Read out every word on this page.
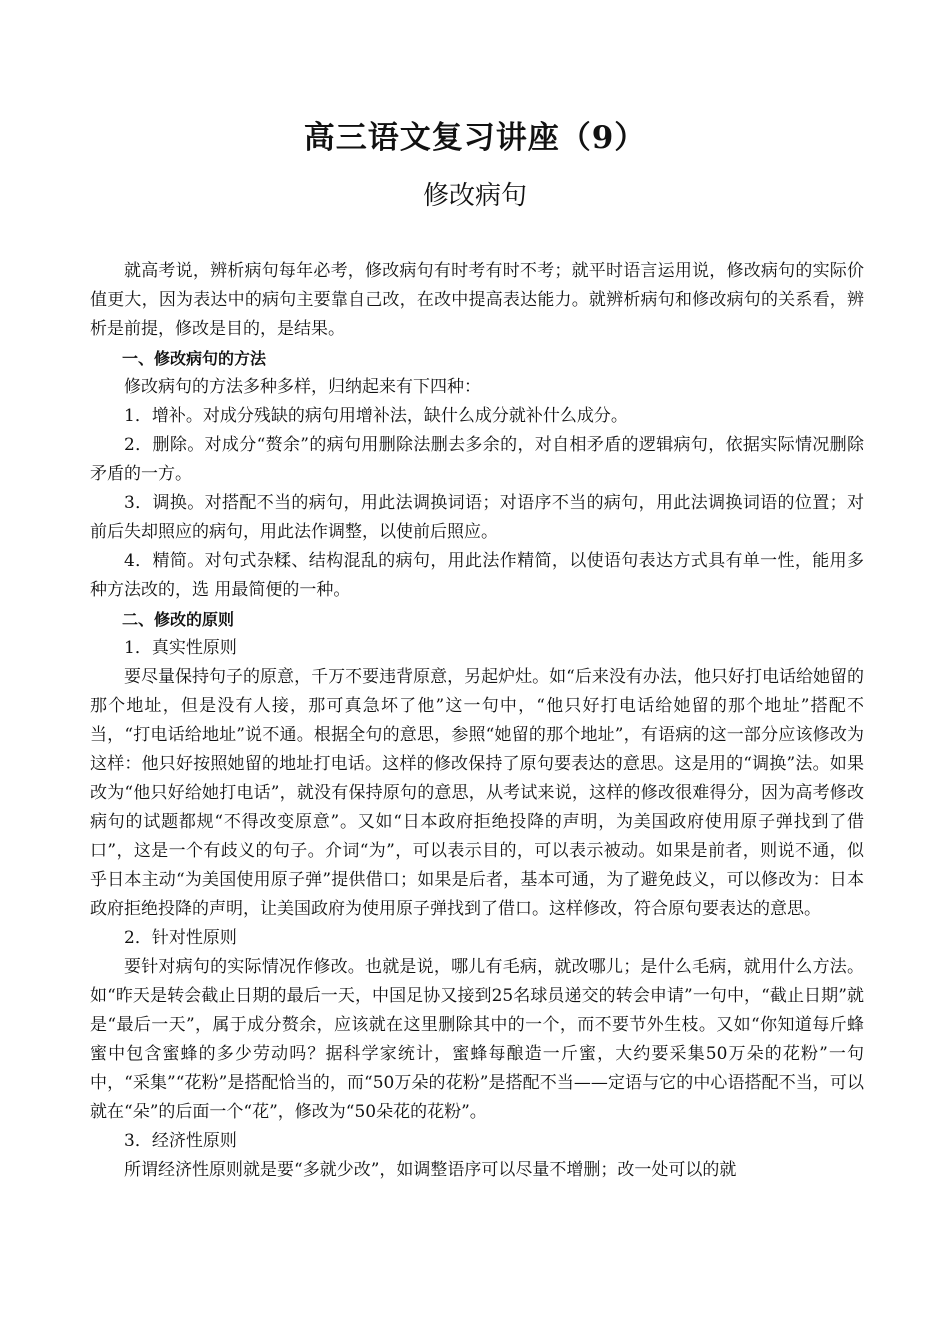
高三语文复习讲座（9）
修改病句

就高考说，辨析病句每年必考，修改病句有时考有时不考；就平时语言运用说，修改病句的实际价值更大，因为表达中的病句主要靠自己改，在改中提高表达能力。就辨析病句和修改病句的关系看，辨析是前提，修改是目的，是结果。

一、修改病句的方法

修改病句的方法多种多样，归纳起来有下四种：

1．增补。对成分残缺的病句用增补法，缺什么成分就补什么成分。

2．删除。对成分“赘余”的病句用删除法删去多余的，对自相矛盾的逻辑病句，依据实际情况删除矛盾的一方。

3．调换。对搭配不当的病句，用此法调换词语；对语序不当的病句，用此法调换词语的位置；对前后失却照应的病句，用此法作调整，以使前后照应。

4．精简。对句式杂糅、结构混乱的病句，用此法作精简，以使语句表达方式具有单一性，能用多种方法改的，选 用最简便的一种。

二、修改的原则

1．真实性原则

要尽量保持句子的原意，千万不要违背原意，另起炉灶。如“后来没有办法，他只好打电话给她留的那个地址，但是没有人接，那可真急坏了他”这一句中，“他只好打电话给她留的那个地址”搭配不当，“打电话给地址”说不通。根据全句的意思，参照“她留的那个地址”，有语病的这一部分应该修改为这样：他只好按照她留的地址打电话。这样的修改保持了原句要表达的意思。这是用的“调换”法。如果改为“他只好给她打电话”，就没有保持原句的意思，从考试来说，这样的修改很难得分，因为高考修改病句的试题都规“不得改变原意”。又如“日本政府拒绝投降的声明，为美国政府使用原子弹找到了借口”，这是一个有歧义的句子。介词“为”，可以表示目的，可以表示被动。如果是前者，则说不通，似乎日本主动“为美国使用原子弹”提供借口；如果是后者，基本可通，为了避免歧义，可以修改为：日本政府拒绝投降的声明，让美国政府为使用原子弹找到了借口。这样修改，符合原句要表达的意思。

2．针对性原则

要针对病句的实际情况作修改。也就是说，哪儿有毛病，就改哪儿；是什么毛病，就用什么方法。如“昨天是转会截止日期的最后一天，中国足协又接到25名球员递交的转会申请”一句中，“截止日期”就是“最后一天”，属于成分赘余，应该就在这里删除其中的一个，而不要节外生枝。又如“你知道每斤蜂蜜中包含蜜蜂的多少劳动吗？据科学家统计，蜜蜂每酿造一斤蜜，大约要采集50万朵的花粉”一句中，“采集”“花粉”是搭配恰当的，而“50万朵的花粉”是搭配不当——定语与它的中心语搭配不当，可以就在“朵”的后面一个“花”，修改为“50朵花的花粉”。

3．经济性原则

所谓经济性原则就是要“多就少改”，如调整语序可以尽量不增删；改一处可以的就
